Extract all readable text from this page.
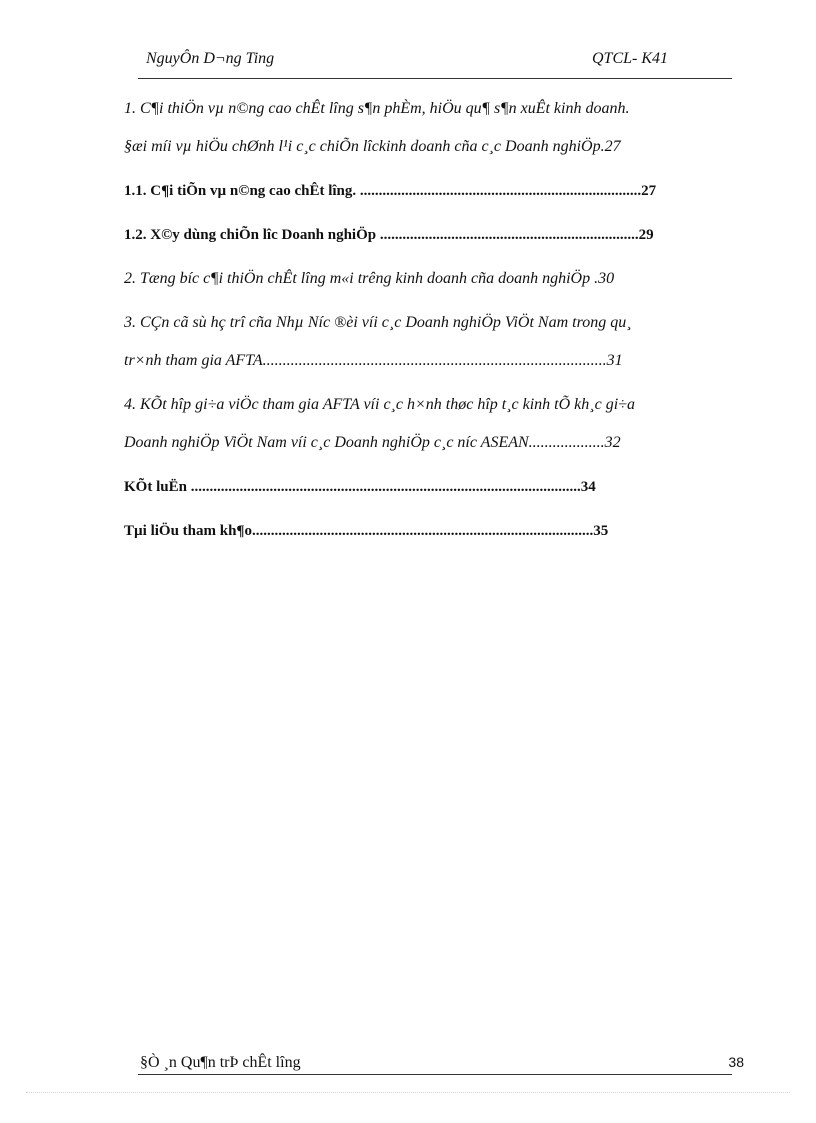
NguyÔn D¬ng Ting	QTCL- K41
1. C¶i thiÖn vµ n©ng cao chÊt lîng s¶n phÈm, hiÖu qu¶ s¶n xuÊt kinh doanh.
§æi míi vµ hiÖu chØnh l¹i c¸c chiÕn lîckinh doanh cña c¸c Doanh nghiÖp.27
1.1. C¶i tiÕn vµ n©ng cao chÊt lîng. ...........................................................................27
1.2. X©y dùng chiÕn lîc Doanh nghiÖp .....................................................................29
2. Tæng bíc c¶i thiÖn chÊt lîng m«i trêng kinh doanh cña doanh nghiÖp .30
3. CÇn cã sù hç trî cña Nhµ Níc ®èi víi c¸c Doanh nghiÖp ViÖt Nam trong qu¸
tr×nh tham gia AFTA......................................................................................31
4. KÕt hîp gi÷a viÖc tham gia AFTA víi c¸c h×nh thøc hîp t¸c kinh tÕ kh¸c gi÷a
Doanh nghiÖp ViÖt Nam víi c¸c Doanh nghiÖp c¸c níc ASEAN...................32
KÕt luËn ........................................................................................................34
Tµi liÖu tham kh¶o...........................................................................................35
§Ò ¸n Qu¶n trÞ chÊt lîng	38
